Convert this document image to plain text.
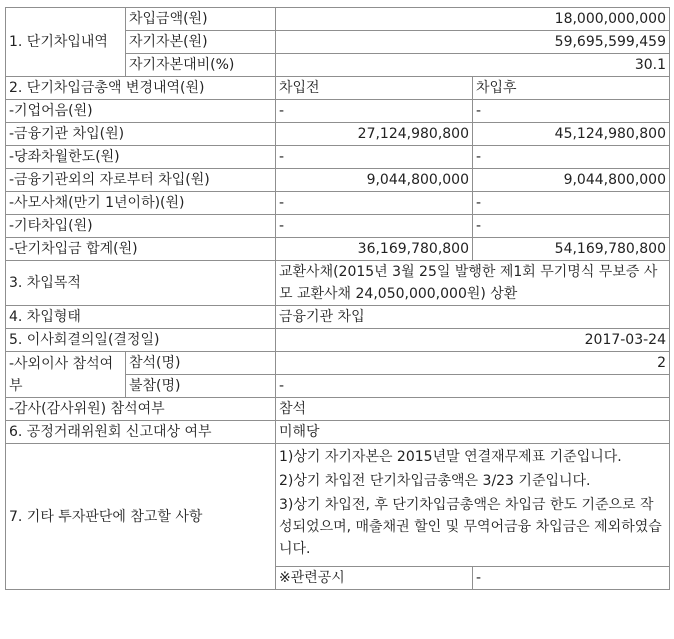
1. 단기차입내역	차입금액(원)	18,000,000,000	
	자기자본(원)	59,695,599,459	
	자기자본대비(%)	30.1	
2. 단기차입금총액 변경내역(원)		차입전	차입후
-기업어음(원)		-	-
-금융기관 차입(원)		27,124,980,800	45,124,980,800
-당좌차월한도(원)		-	-
-금융기관외의 자로부터 차입(원)		9,044,800,000	9,044,800,000
-사모사채(만기 1년이하)(원)		-	-
-기타차입(원)		-	-
-단기차입금 합계(원)		36,169,780,800	54,169,780,800
3. 차입목적		교환사채(2015년 3월 25일 발행한 제1회 무기명식 무보증 사모 교환사채 24,050,000,000원) 상환	
4. 차입형태		금융기관 차입	
5. 이사회결의일(결정일)		2017-03-24	
-사외이사 참석여부	참석(명)	2	
	불참(명)	-	
-감사(감사위원) 참석여부		참석	
6. 공정거래위원회 신고대상 여부		미해당	
7. 기타 투자판단에 참고할 사항		1)상기 자기자본은 2015년말 연결재무제표 기준입니다.
2)상기 차입전 단기차입금총액은 3/23 기준입니다.
3)상기 차입전, 후 단기차입금총액은 차입금 한도 기준으로 작성되었으며, 매출채권 할인 및 무역어금융 차입금은 제외하였습니다.	

		※관련공시	-
